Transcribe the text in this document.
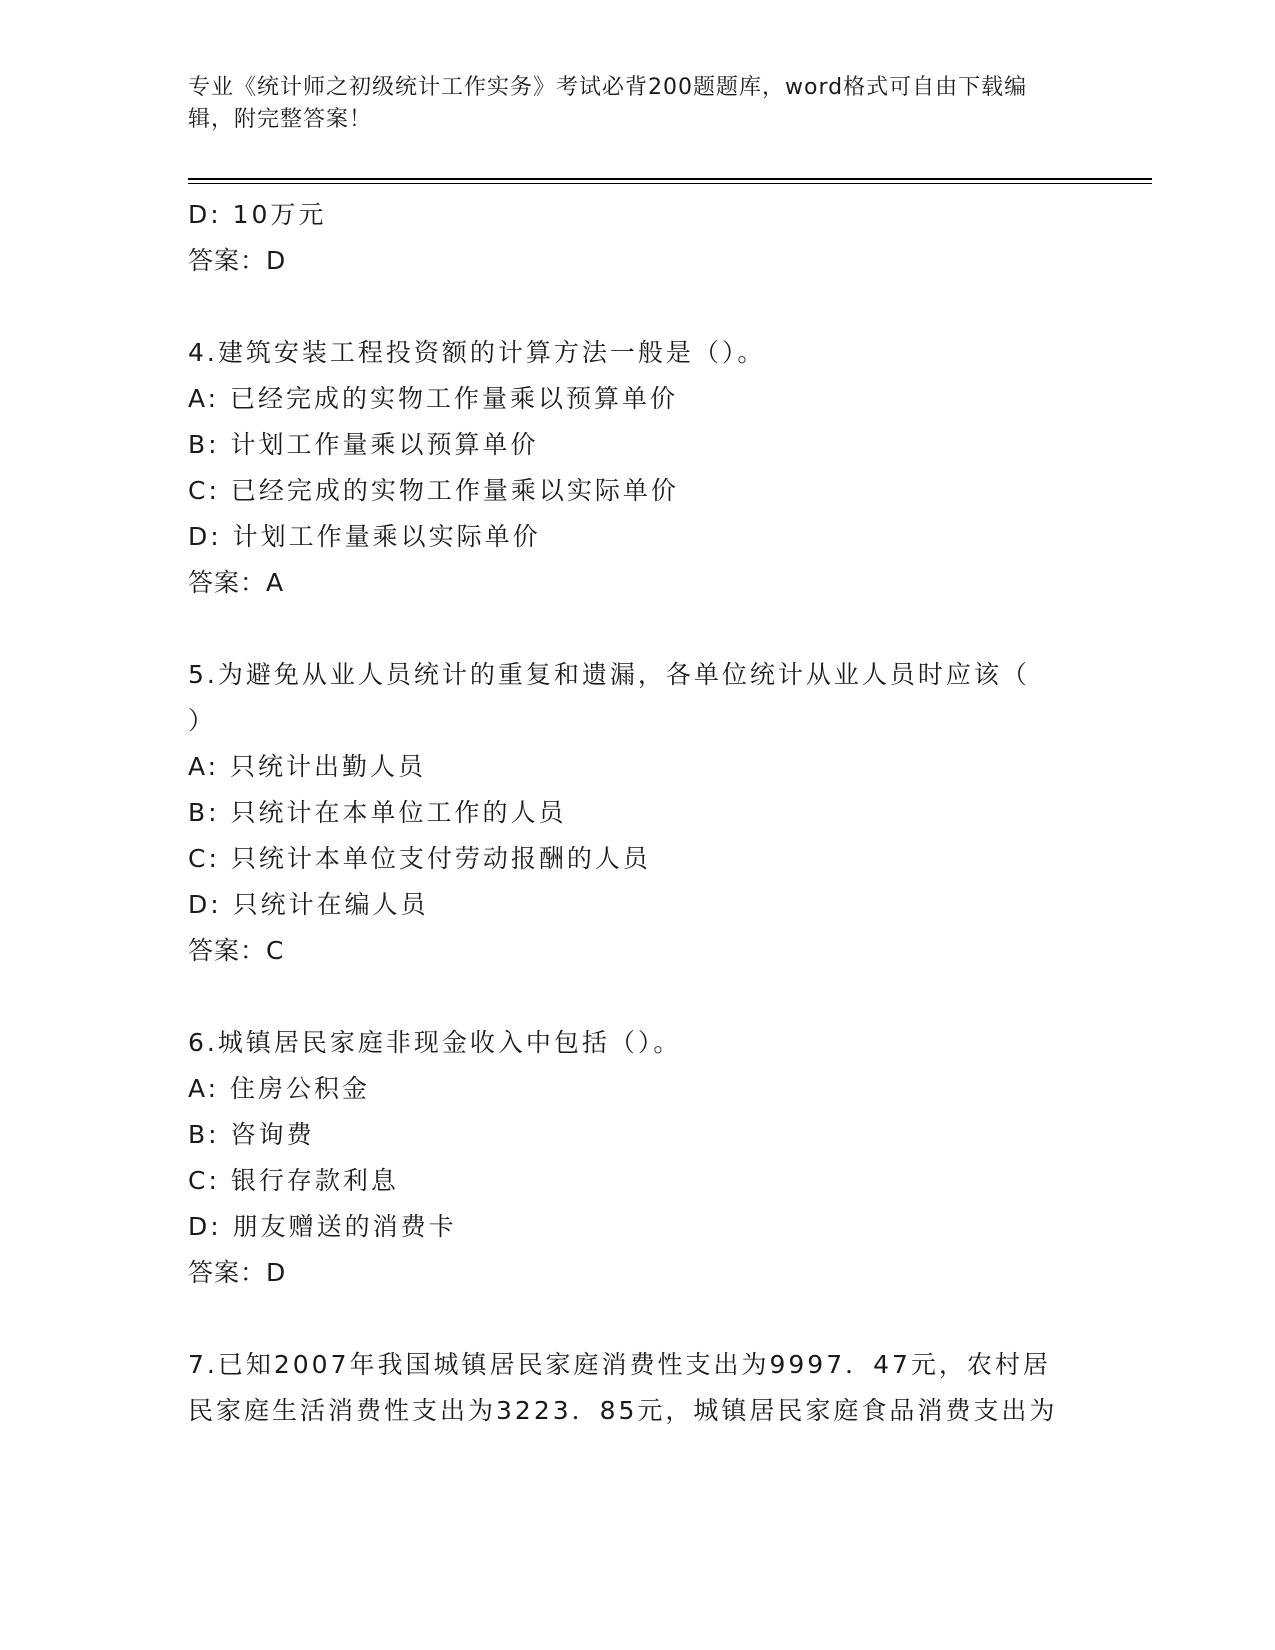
专业《统计师之初级统计工作实务》考试必背200题题库，word格式可自由下载编辑，附完整答案！
D: 10万元
答案：D
4.建筑安装工程投资额的计算方法一般是（）。
A: 已经完成的实物工作量乘以预算单价
B: 计划工作量乘以预算单价
C: 已经完成的实物工作量乘以实际单价
D: 计划工作量乘以实际单价
答案：A
5.为避免从业人员统计的重复和遗漏，各单位统计从业人员时应该（
）
A: 只统计出勤人员
B: 只统计在本单位工作的人员
C: 只统计本单位支付劳动报酬的人员
D: 只统计在编人员
答案：C
6.城镇居民家庭非现金收入中包括（）。
A: 住房公积金
B: 咨询费
C: 银行存款利息
D: 朋友赠送的消费卡
答案：D
7.已知2007年我国城镇居民家庭消费性支出为9997．47元，农村居
民家庭生活消费性支出为3223．85元，城镇居民家庭食品消费支出为
